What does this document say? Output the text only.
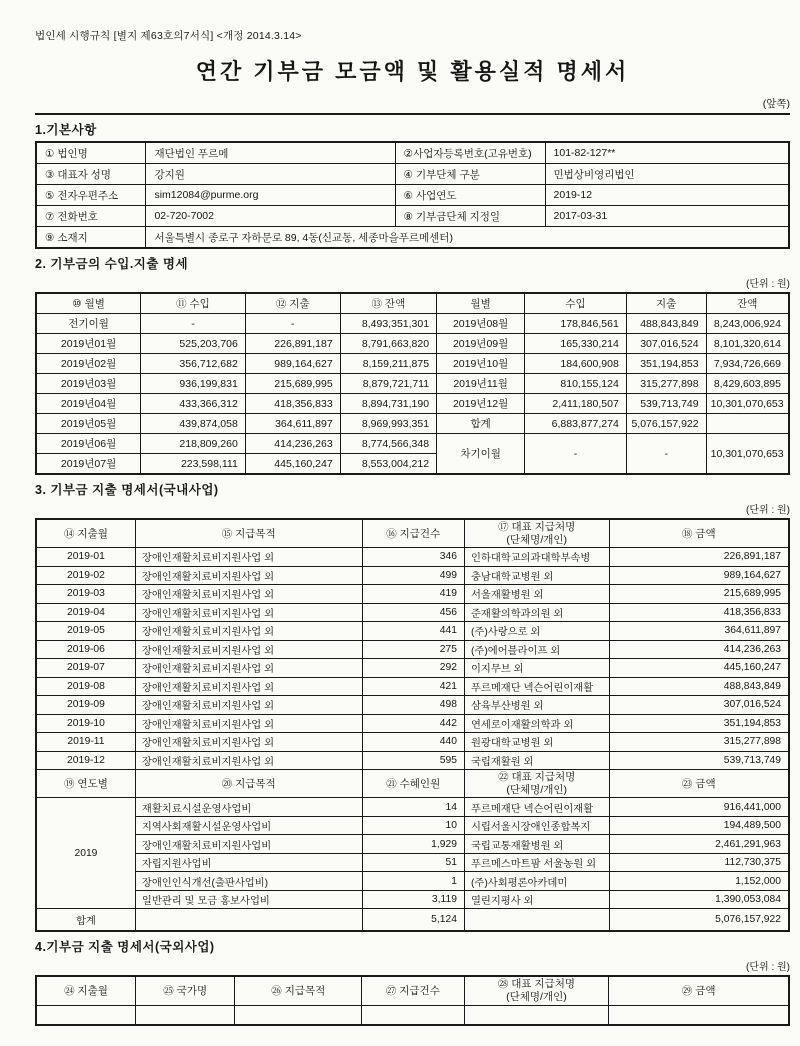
법인세 시행규칙 [별지 제63호의7서식] <개정 2014.3.14>
연간 기부금 모금액 및 활용실적 명세서
(앞쪽)
1.기본사항
① 법인명	재단법인 푸르메	②사업자등록번호(고유번호)	101-82-127**
③ 대표자 성명	강지원	④ 기부단체 구분	민법상비영리법인
⑤ 전자우편주소	sim12084@purme.org	⑥ 사업연도	2019-12
⑦ 전화번호	02-720-7002	⑧ 기부금단체 지정일	2017-03-31
⑨ 소재지	서울특별시 종로구 자하문로 89, 4동(신교동, 세종마을푸르메센터)		
2. 기부금의 수입.지출 명세
(단위 : 원)
⑩ 월별	⑪ 수입	⑫ 지출	⑬ 잔액	월별	수입	지출	잔액
전기이월	-	-	8,493,351,301	2019년08월	178,846,561	488,843,849	8,243,006,924
2019년01월	525,203,706	226,891,187	8,791,663,820	2019년09월	165,330,214	307,016,524	8,101,320,614
2019년02월	356,712,682	989,164,627	8,159,211,875	2019년10월	184,600,908	351,194,853	7,934,726,669
2019년03월	936,199,831	215,689,995	8,879,721,711	2019년11월	810,155,124	315,277,898	8,429,603,895
2019년04월	433,366,312	418,356,833	8,894,731,190	2019년12월	2,411,180,507	539,713,749	10,301,070,653
2019년05월	439,874,058	364,611,897	8,969,993,351	합계	6,883,877,274	5,076,157,922	
2019년06월	218,809,260	414,236,263	8,774,566,348	차기이월	-	-	10,301,070,653
2019년07월	223,598,111	445,160,247	8,553,004,212				
3. 기부금 지출 명세서(국내사업)
(단위 : 원)
⑭ 지출월	⑮ 지급목적	⑯ 지급건수	⑰ 대표 지급처명
(단체명/개인)	⑱ 금액
2019-01	장애인재활치료비지원사업 외	346	인하대학교의과대학부속병	226,891,187
2019-02	장애인재활치료비지원사업 외	499	충남대학교병원 외	989,164,627
2019-03	장애인재활치료비지원사업 외	419	서울재활병원 외	215,689,995
2019-04	장애인재활치료비지원사업 외	456	준재활의학과의원 외	418,356,833
2019-05	장애인재활치료비지원사업 외	441	(주)사랑으로 외	364,611,897
2019-06	장애인재활치료비지원사업 외	275	(주)에어블라이프 외	414,236,263
2019-07	장애인재활치료비지원사업 외	292	이지무브 외	445,160,247
2019-08	장애인재활치료비지원사업 외	421	푸르메재단 넥슨어린이재활	488,843,849
2019-09	장애인재활치료비지원사업 외	498	삼육부산병원 외	307,016,524
2019-10	장애인재활치료비지원사업 외	442	연세로이재활의학과 외	351,194,853
2019-11	장애인재활치료비지원사업 외	440	원광대학교병원 외	315,277,898
2019-12	장애인재활치료비지원사업 외	595	국립재활원 외	539,713,749
⑲ 연도별	⑳ 지급목적	㉑ 수혜인원	㉒ 대표 지급처명
(단체명/개인)	㉓ 금액
2019	재활치료시설운영사업비	14	푸르메재단 넥슨어린이재활	916,441,000
	지역사회재활시설운영사업비	10	시립서울시장애인종합복지	194,489,500
	장애인재활치료비지원사업비	1,929	국립교통재활병원 외	2,461,291,963
	자립지원사업비	51	푸르메스마트팜 서울농원 외	112,730,375
	장애인인식개선(출판사업비)	1	(주)사회평론아카데미	1,152,000
	일반관리 및 모금 홍보사업비	3,119	열린지평사 외	1,390,053,084
합계		5,124		5,076,157,922
4.기부금 지출 명세서(국외사업)
(단위 : 원)
㉔ 지출월	㉕ 국가명	㉖ 지급목적	㉗ 지급건수	㉘ 대표 지급처명
(단체명/개인)	㉙ 금액
